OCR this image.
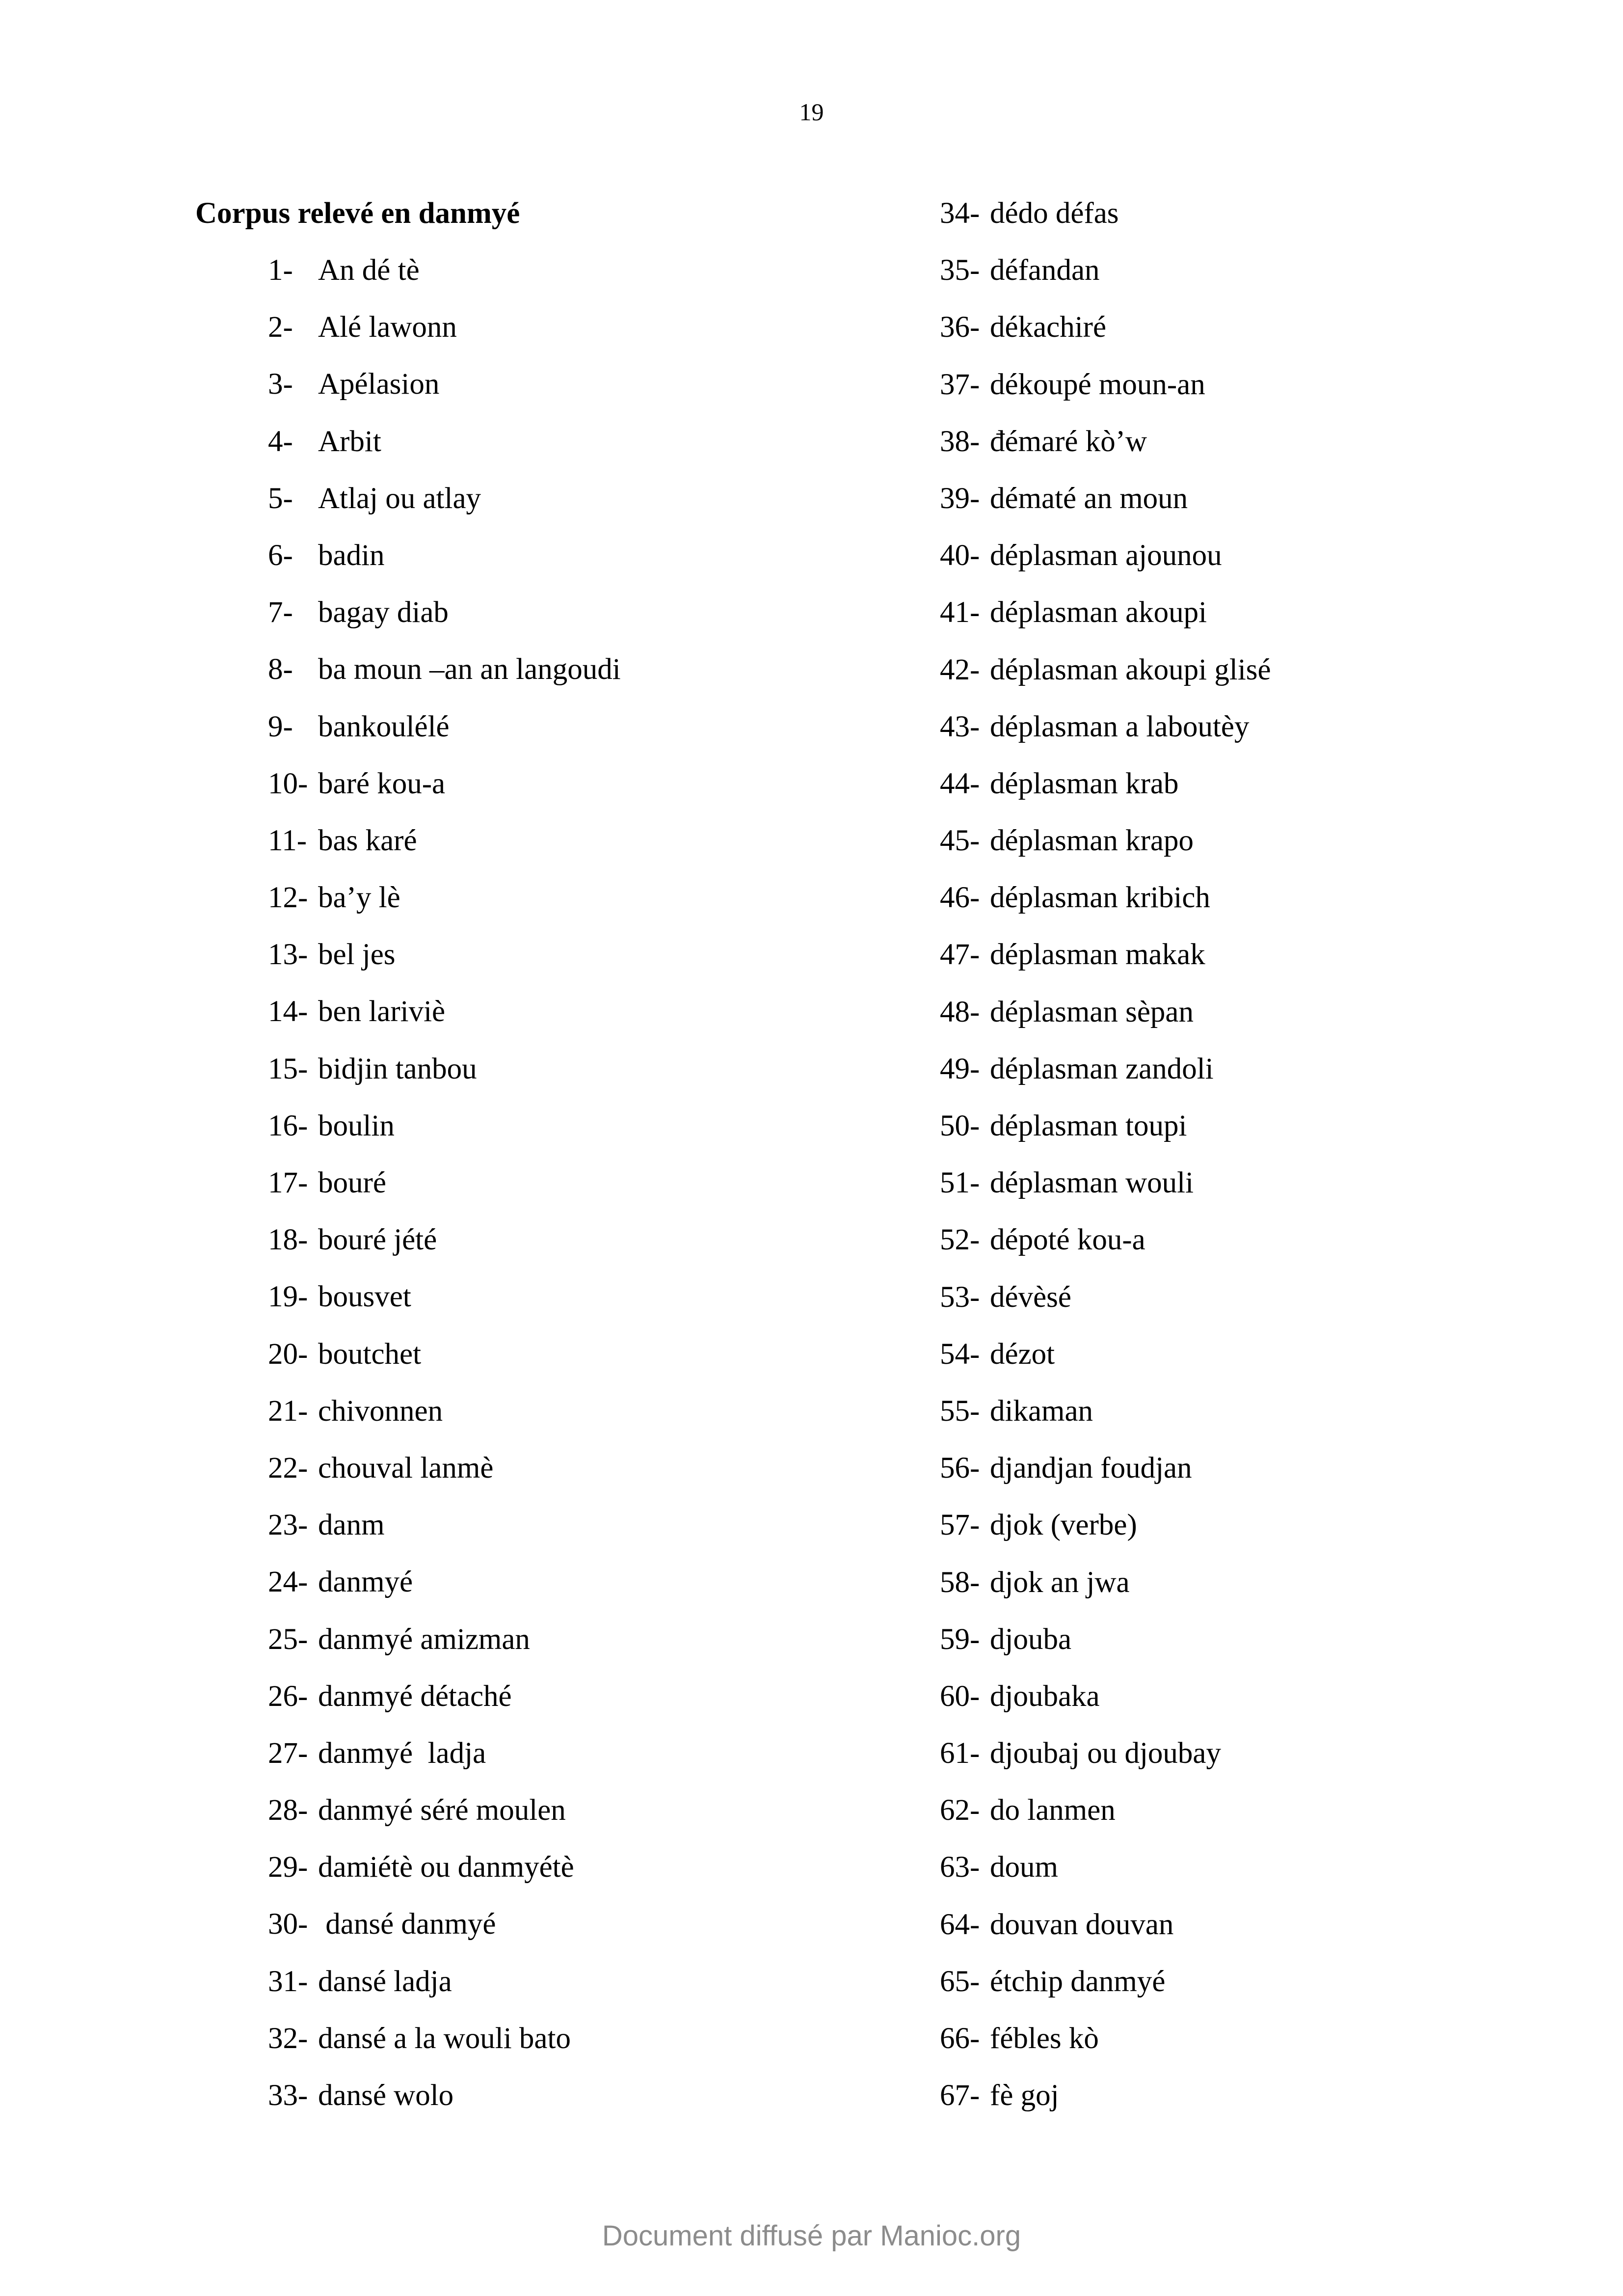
19
Corpus relevé en danmyé
1- An dé tè
2- Alé lawonn
3- Apélasion
4- Arbit
5- Atlaj ou atlay
6- badin
7- bagay diab
8- ba moun –an an langoudi
9- bankoulélé
10- baré kou-a
11- bas karé
12- ba’y lè
13- bel jes
14- ben lariviè
15- bidjin tanbou
16- boulin
17- bouré
18- bouré jété
19- bousvet
20- boutchet
21- chivonnen
22- chouval lanmè
23- danm
24- danmyé
25- danmyé amizman
26- danmyé détaché
27- danmyé  ladja
28- danmyé séré moulen
29- damiétè ou danmyétè
30- dansé danmyé
31- dansé ladja
32- dansé a la wouli bato
33- dansé wolo
34- dédo défas
35- défandan
36- dékachiré
37- dékoupé moun-an
38- đémaré kò’w
39- dématé an moun
40- déplasman ajounou
41- déplasman akoupi
42- déplasman akoupi glisé
43- déplasman a laboutèy
44- déplasman krab
45- déplasman krapo
46- déplasman kribich
47- déplasman makak
48- déplasman sèpan
49- déplasman zandoli
50- déplasman toupi
51- déplasman wouli
52- dépoté kou-a
53- dévèsé
54- dézot
55- dikaman
56- djandjan foudjan
57- djok (verbe)
58- djok an jwa
59- djouba
60- djoubaka
61- djoubaj ou djoubay
62- do lanmen
63- doum
64- douvan douvan
65- étchip danmyé
66- fébles kò
67- fè goj
Document diffusé par Manioc.org
